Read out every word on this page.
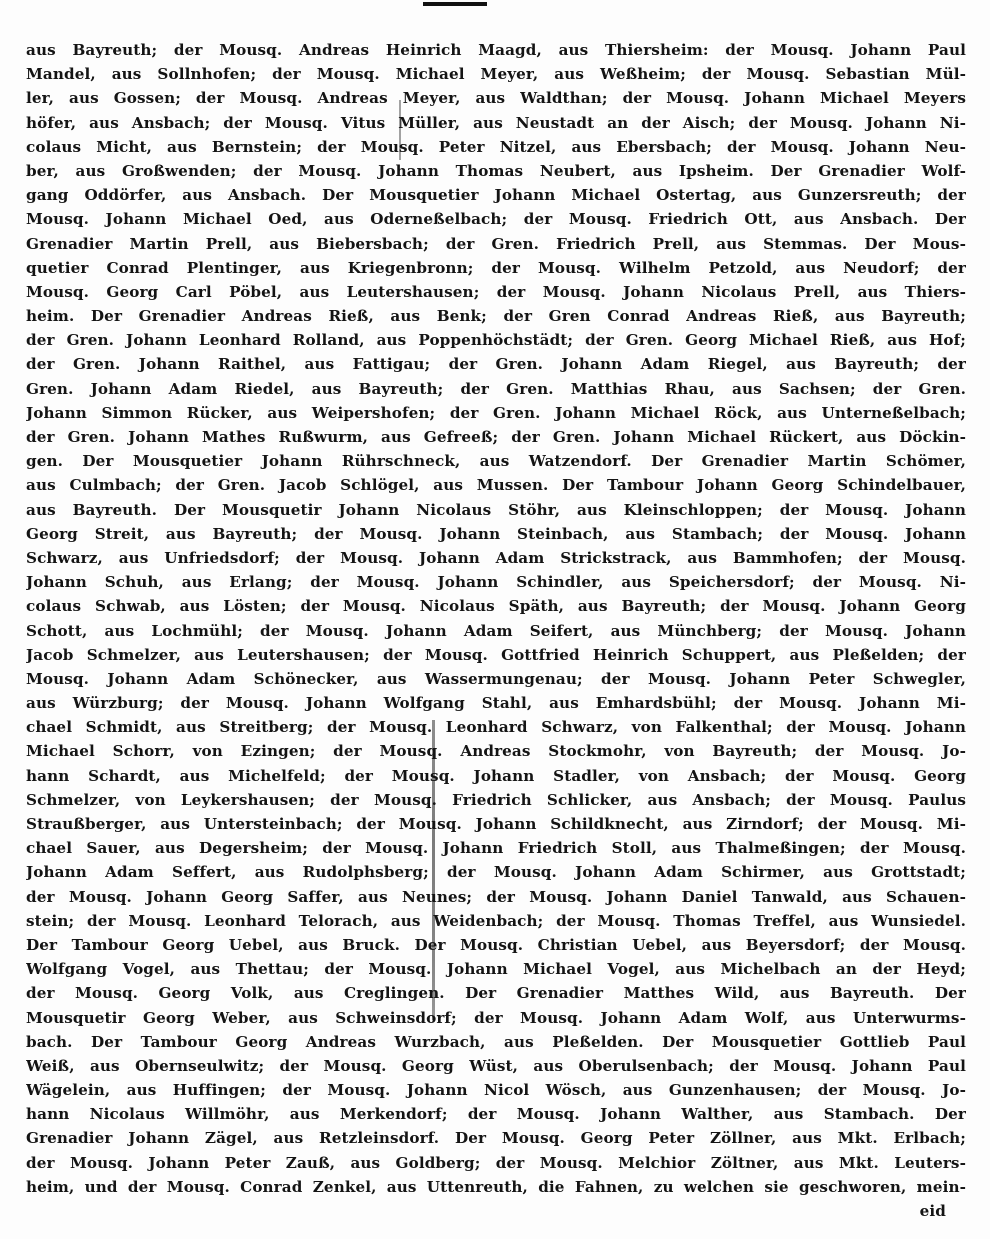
aus Bayreuth; der Mousq. Andreas Heinrich Maagd, aus Thiersheim: der Mousq. Johann Paul
Mandel, aus Sollnhofen; der Mousq. Michael Meyer, aus Weßheim; der Mousq. Sebastian Mül-
ler, aus Gossen; der Mousq. Andreas Meyer, aus Waldthan; der Mousq. Johann Michael Meyers
höfer, aus Ansbach; der Mousq. Vitus Müller, aus Neustadt an der Aisch; der Mousq. Johann Ni-
colaus Micht, aus Bernstein; der Mousq. Peter Nitzel, aus Ebersbach; der Mousq. Johann Neu-
ber, aus Großwenden; der Mousq. Johann Thomas Neubert, aus Ipsheim. Der Grenadier Wolf-
gang Oddörfer, aus Ansbach. Der Mousquetier Johann Michael Ostertag, aus Gunzersreuth; der
Mousq. Johann Michael Oed, aus Oderneßelbach; der Mousq. Friedrich Ott, aus Ansbach. Der
Grenadier Martin Prell, aus Biebersbach; der Gren. Friedrich Prell, aus Stemmas. Der Mous-
quetier Conrad Plentinger, aus Kriegenbronn; der Mousq. Wilhelm Petzold, aus Neudorf; der
Mousq. Georg Carl Pöbel, aus Leutershausen; der Mousq. Johann Nicolaus Prell, aus Thiers-
heim. Der Grenadier Andreas Rieß, aus Benk; der Gren Conrad Andreas Rieß, aus Bayreuth;
der Gren. Johann Leonhard Rolland, aus Poppenhöchstädt; der Gren. Georg Michael Rieß, aus Hof;
der Gren. Johann Raithel, aus Fattigau; der Gren. Johann Adam Riegel, aus Bayreuth; der
Gren. Johann Adam Riedel, aus Bayreuth; der Gren. Matthias Rhau, aus Sachsen; der Gren.
Johann Simmon Rücker, aus Weipershofen; der Gren. Johann Michael Röck, aus Unterneßelbach;
der Gren. Johann Mathes Rußwurm, aus Gefreeß; der Gren. Johann Michael Rückert, aus Döckin-
gen. Der Mousquetier Johann Rührschneck, aus Watzendorf. Der Grenadier Martin Schömer,
aus Culmbach; der Gren. Jacob Schlögel, aus Mussen. Der Tambour Johann Georg Schindelbauer,
aus Bayreuth. Der Mousquetir Johann Nicolaus Stöhr, aus Kleinschloppen; der Mousq. Johann
Georg Streit, aus Bayreuth; der Mousq. Johann Steinbach, aus Stambach; der Mousq. Johann
Schwarz, aus Unfriedsdorf; der Mousq. Johann Adam Strickstrack, aus Bammhofen; der Mousq.
Johann Schuh, aus Erlang; der Mousq. Johann Schindler, aus Speichersdorf; der Mousq. Ni-
colaus Schwab, aus Lösten; der Mousq. Nicolaus Späth, aus Bayreuth; der Mousq. Johann Georg
Schott, aus Lochmühl; der Mousq. Johann Adam Seifert, aus Münchberg; der Mousq. Johann
Jacob Schmelzer, aus Leutershausen; der Mousq. Gottfried Heinrich Schuppert, aus Pleßelden; der
Mousq. Johann Adam Schönecker, aus Wassermungenau; der Mousq. Johann Peter Schwegler,
aus Würzburg; der Mousq. Johann Wolfgang Stahl, aus Emhardsbühl; der Mousq. Johann Mi-
chael Schmidt, aus Streitberg; der Mousq. Leonhard Schwarz, von Falkenthal; der Mousq. Johann
Michael Schorr, von Ezingen; der Mousq. Andreas Stockmohr, von Bayreuth; der Mousq. Jo-
hann Schardt, aus Michelfeld; der Mousq. Johann Stadler, von Ansbach; der Mousq. Georg
Schmelzer, von Leykershausen; der Mousq. Friedrich Schlicker, aus Ansbach; der Mousq. Paulus
Straußberger, aus Untersteinbach; der Mousq. Johann Schildknecht, aus Zirndorf; der Mousq. Mi-
chael Sauer, aus Degersheim; der Mousq. Johann Friedrich Stoll, aus Thalmeßingen; der Mousq.
Johann Adam Seffert, aus Rudolphsberg; der Mousq. Johann Adam Schirmer, aus Grottstadt;
der Mousq. Johann Georg Saffer, aus Neunes; der Mousq. Johann Daniel Tanwald, aus Schauen-
stein; der Mousq. Leonhard Telorach, aus Weidenbach; der Mousq. Thomas Treffel, aus Wunsiedel.
Der Tambour Georg Uebel, aus Bruck. Der Mousq. Christian Uebel, aus Beyersdorf; der Mousq.
Wolfgang Vogel, aus Thettau; der Mousq. Johann Michael Vogel, aus Michelbach an der Heyd;
der Mousq. Georg Volk, aus Creglingen. Der Grenadier Matthes Wild, aus Bayreuth. Der
Mousquetir Georg Weber, aus Schweinsdorf; der Mousq. Johann Adam Wolf, aus Unterwurms-
bach. Der Tambour Georg Andreas Wurzbach, aus Pleßelden. Der Mousquetier Gottlieb Paul
Weiß, aus Obernseulwitz; der Mousq. Georg Wüst, aus Oberulsenbach; der Mousq. Johann Paul
Wägelein, aus Huffingen; der Mousq. Johann Nicol Wösch, aus Gunzenhausen; der Mousq. Jo-
hann Nicolaus Willmöhr, aus Merkendorf; der Mousq. Johann Walther, aus Stambach. Der
Grenadier Johann Zägel, aus Retzleinsdorf. Der Mousq. Georg Peter Zöllner, aus Mkt. Erlbach;
der Mousq. Johann Peter Zauß, aus Goldberg; der Mousq. Melchior Zöltner, aus Mkt. Leuters-
heim, und der Mousq. Conrad Zenkel, aus Uttenreuth, die Fahnen, zu welchen sie geschworen, mein-
eid
